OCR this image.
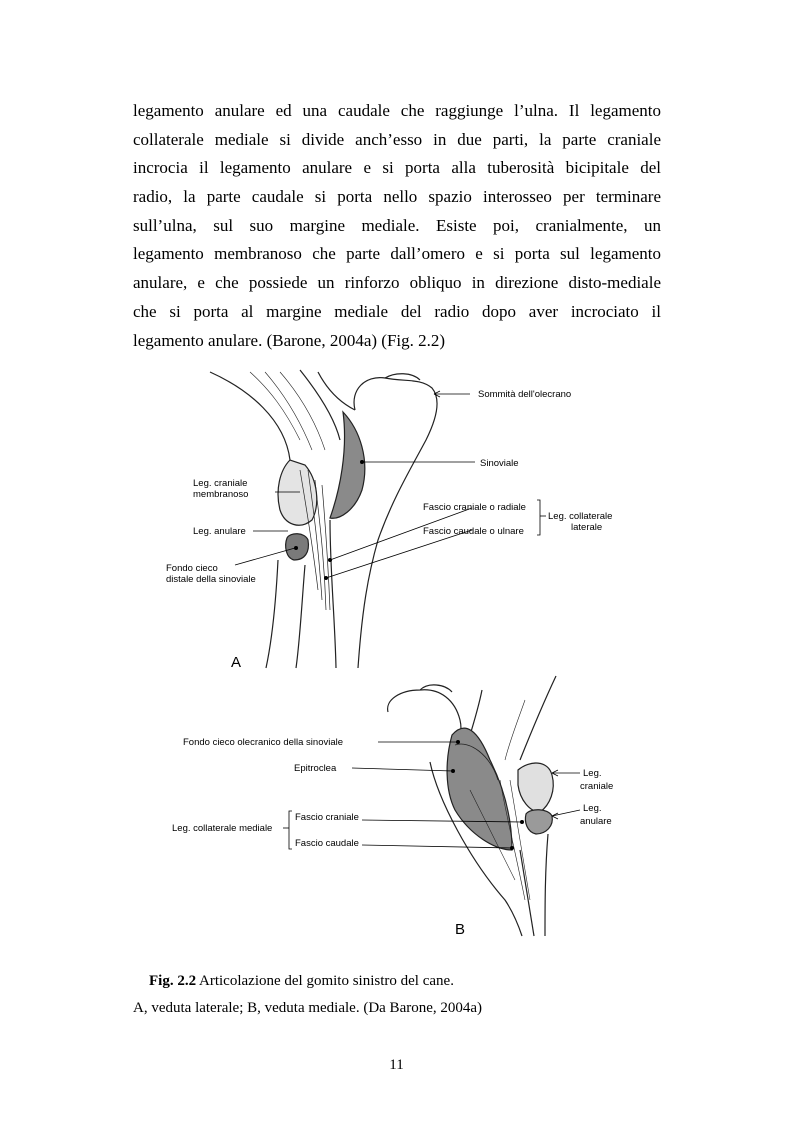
legamento anulare ed una caudale che raggiunge l’ulna. Il legamento
collaterale mediale si divide anch’esso in due parti, la parte craniale
incrocia il legamento anulare e si porta alla tuberosità bicipitale del
radio, la parte caudale si porta nello spazio interosseo per terminare
sull’ulna, sul suo margine mediale. Esiste poi, cranialmente, un
legamento membranoso che parte dall’omero e si porta sul legamento
anulare, e che possiede un rinforzo obliquo in direzione disto-mediale
che si porta al margine mediale del radio dopo aver incrociato il
legamento anulare. (Barone, 2004a) (Fig. 2.2)
Sommità dell'olecrano
Sinoviale
Leg. craniale
membranoso
Leg. anulare
Fascio craniale o radiale
Fascio caudale o ulnare
Leg. collaterale
laterale
Fondo cieco
distale della sinoviale
A
Fondo cieco olecranico della sinoviale
Epitroclea	Leg.
craniale
Leg.
anulare
Leg. collaterale mediale
Fascio craniale
Fascio caudale
B
Fig. 2.2 Articolazione del gomito sinistro del cane.
A, veduta laterale; B, veduta mediale. (Da Barone, 2004a)
11
